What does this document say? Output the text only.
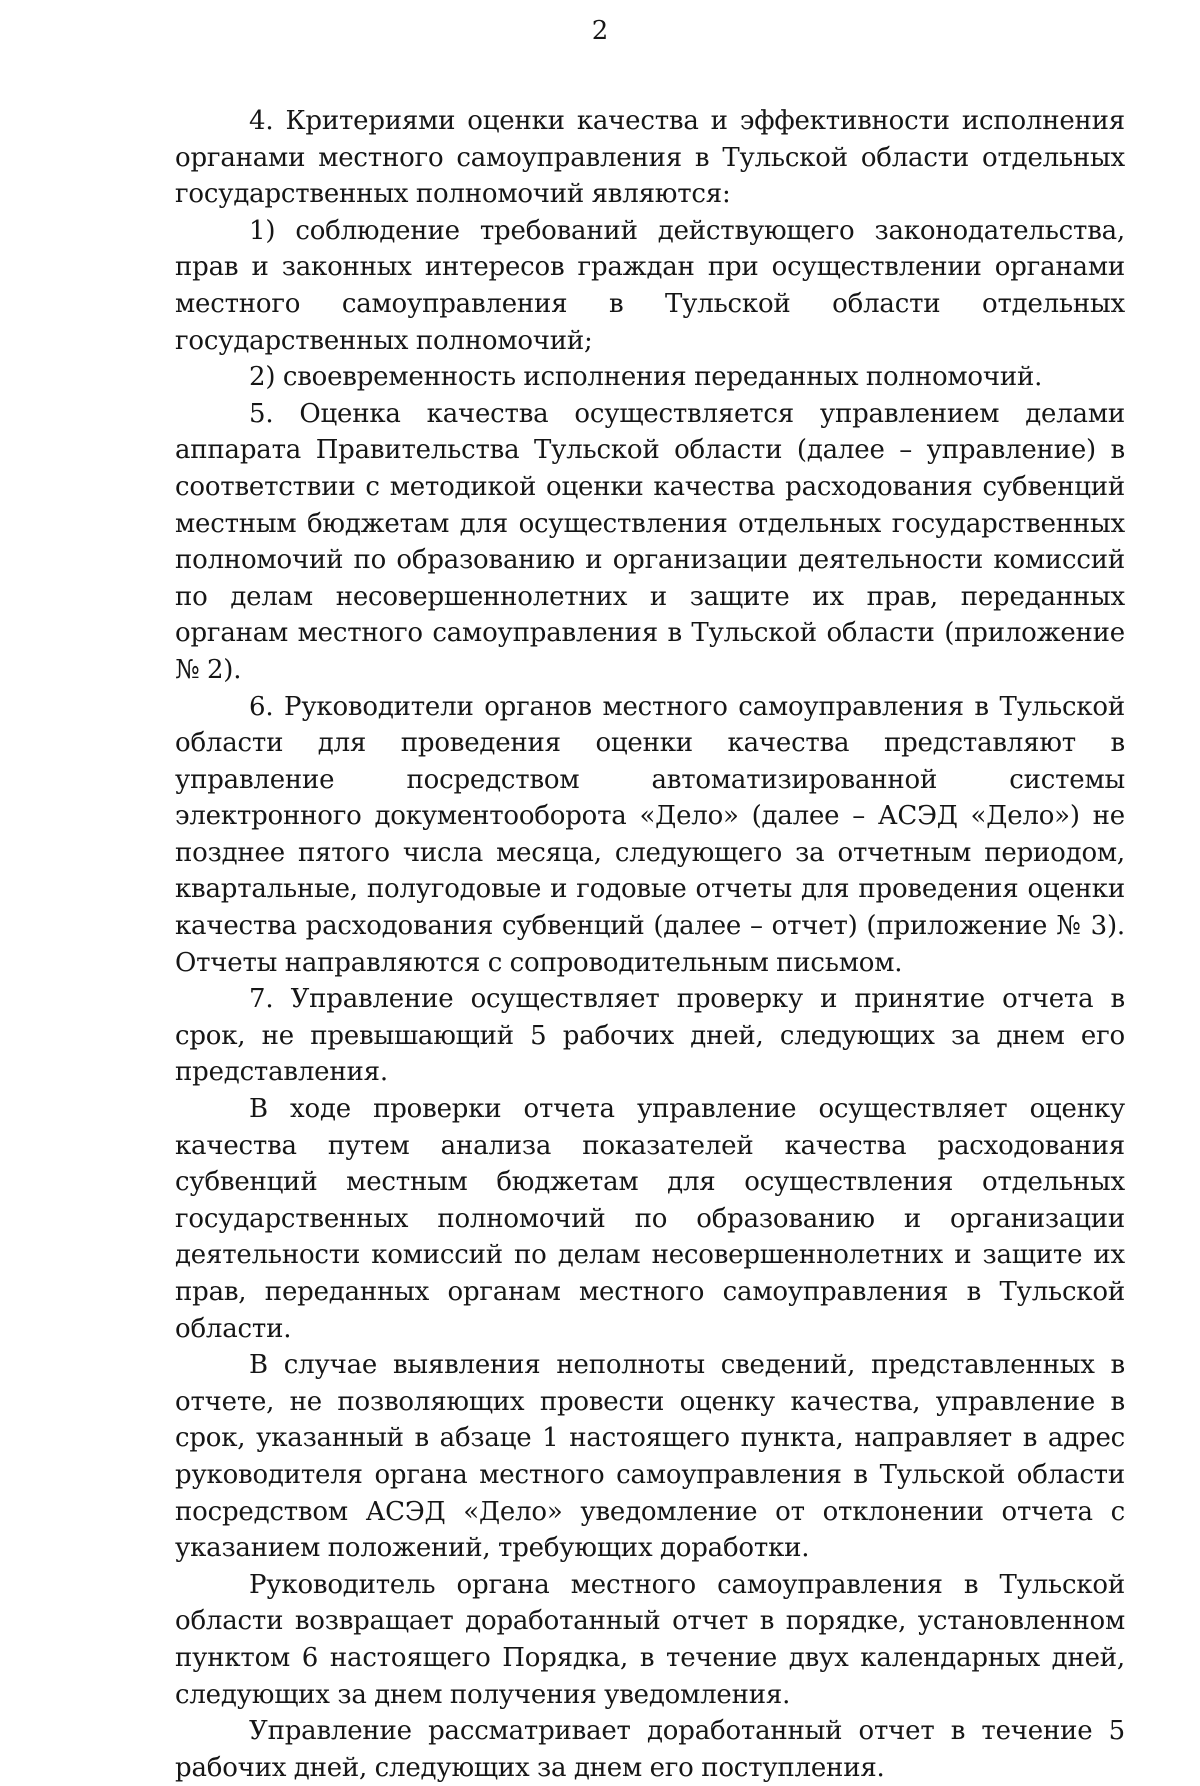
2

4. Критериями оценки качества и эффективности исполнения органами местного самоуправления в Тульской области отдельных государственных полномочий являются:

1) соблюдение требований действующего законодательства, прав и законных интересов граждан при осуществлении органами местного самоуправления в Тульской области отдельных государственных полномочий;

2) своевременность исполнения переданных полномочий.

5. Оценка качества осуществляется управлением делами аппарата Правительства Тульской области (далее – управление) в соответствии с методикой оценки качества расходования субвенций местным бюджетам для осуществления отдельных государственных полномочий по образованию и организации деятельности комиссий по делам несовершеннолетних и защите их прав, переданных органам местного самоуправления в Тульской области (приложение № 2).

6. Руководители органов местного самоуправления в Тульской области для проведения оценки качества представляют в управление посредством автоматизированной системы электронного документооборота «Дело» (далее – АСЭД «Дело») не позднее пятого числа месяца, следующего за отчетным периодом, квартальные, полугодовые и годовые отчеты для проведения оценки качества расходования субвенций (далее – отчет) (приложение № 3). Отчеты направляются с сопроводительным письмом.

7. Управление осуществляет проверку и принятие отчета в срок, не превышающий 5 рабочих дней, следующих за днем его представления.

В ходе проверки отчета управление осуществляет оценку качества путем анализа показателей качества расходования субвенций местным бюджетам для осуществления отдельных государственных полномочий по образованию и организации деятельности комиссий по делам несовершеннолетних и защите их прав, переданных органам местного самоуправления в Тульской области.

В случае выявления неполноты сведений, представленных в отчете, не позволяющих провести оценку качества, управление в срок, указанный в абзаце 1 настоящего пункта, направляет в адрес руководителя органа местного самоуправления в Тульской области посредством АСЭД «Дело» уведомление от отклонении отчета с указанием положений, требующих доработки.

Руководитель органа местного самоуправления в Тульской области возвращает доработанный отчет в порядке, установленном пунктом 6 настоящего Порядка, в течение двух календарных дней, следующих за днем получения уведомления.

Управление рассматривает доработанный отчет в течение 5 рабочих дней, следующих за днем его поступления.
